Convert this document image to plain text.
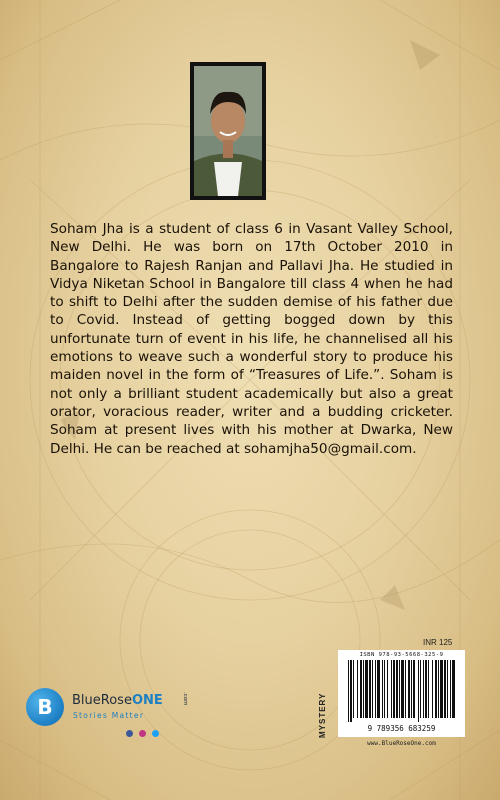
Soham Jha is a student of class 6 in Vasant Valley School, New Delhi. He was born on 17th October 2010 in Bangalore to Rajesh Ranjan and Pallavi Jha. He studied in Vidya Niketan School in Bangalore till class 4 when he had to shift to Delhi after the sudden demise of his father due to Covid. Instead of getting bogged down by this unfortunate turn of event in his life, he channelised all his emotions to weave such a wonderful story to produce his maiden novel in the form of “Treasures of Life.”. Soham is not only a brilliant student academically but also a great orator, voracious reader, writer and a budding cricketer. Soham at present lives with his mother at Dwarka, New Delhi. He can be reached at sohamjha50@gmail.com.

B	BlueRoseONE	.com
Stories Matter

INR 125
MYSTERY
ISBN 978-93-5668-325-9
9 789356 683259
www.BlueRoseOne.com
